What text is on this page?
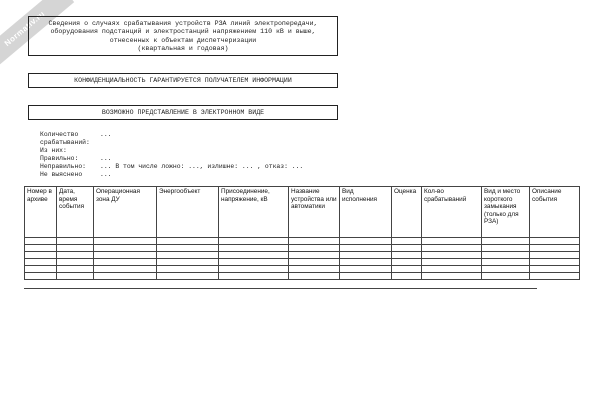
Normativ.ru Сведения о случаях срабатывания устройств РЗА линий электропередачи,
оборудования подстанций и электростанций напряжением 110 кВ и выше,
отнесенных к объектам диспетчеризации
(квартальная и годовая)
КОНФИДЕНЦИАЛЬНОСТЬ ГАРАНТИРУЕТСЯ ПОЛУЧАТЕЛЕМ ИНФОРМАЦИИ
ВОЗМОЖНО ПРЕДСТАВЛЕНИЕ В ЭЛЕКТРОННОМ ВИДЕ
Количество	...
срабатываний:
Из них:
Правильно:	...
Неправильно:	... В том числе ложно: ..., излишне: ... , отказ: ...
Не выяснено	...
Номер в архиве	Дата, время события	Операционная зона ДУ	Энергообъект	Присоединение, напряжение, кВ	Название устройства или автоматики	Вид исполнения	Оценка	Кол-во срабатываний	Вид и место короткого замыкания (только для РЗА)	Описание события
